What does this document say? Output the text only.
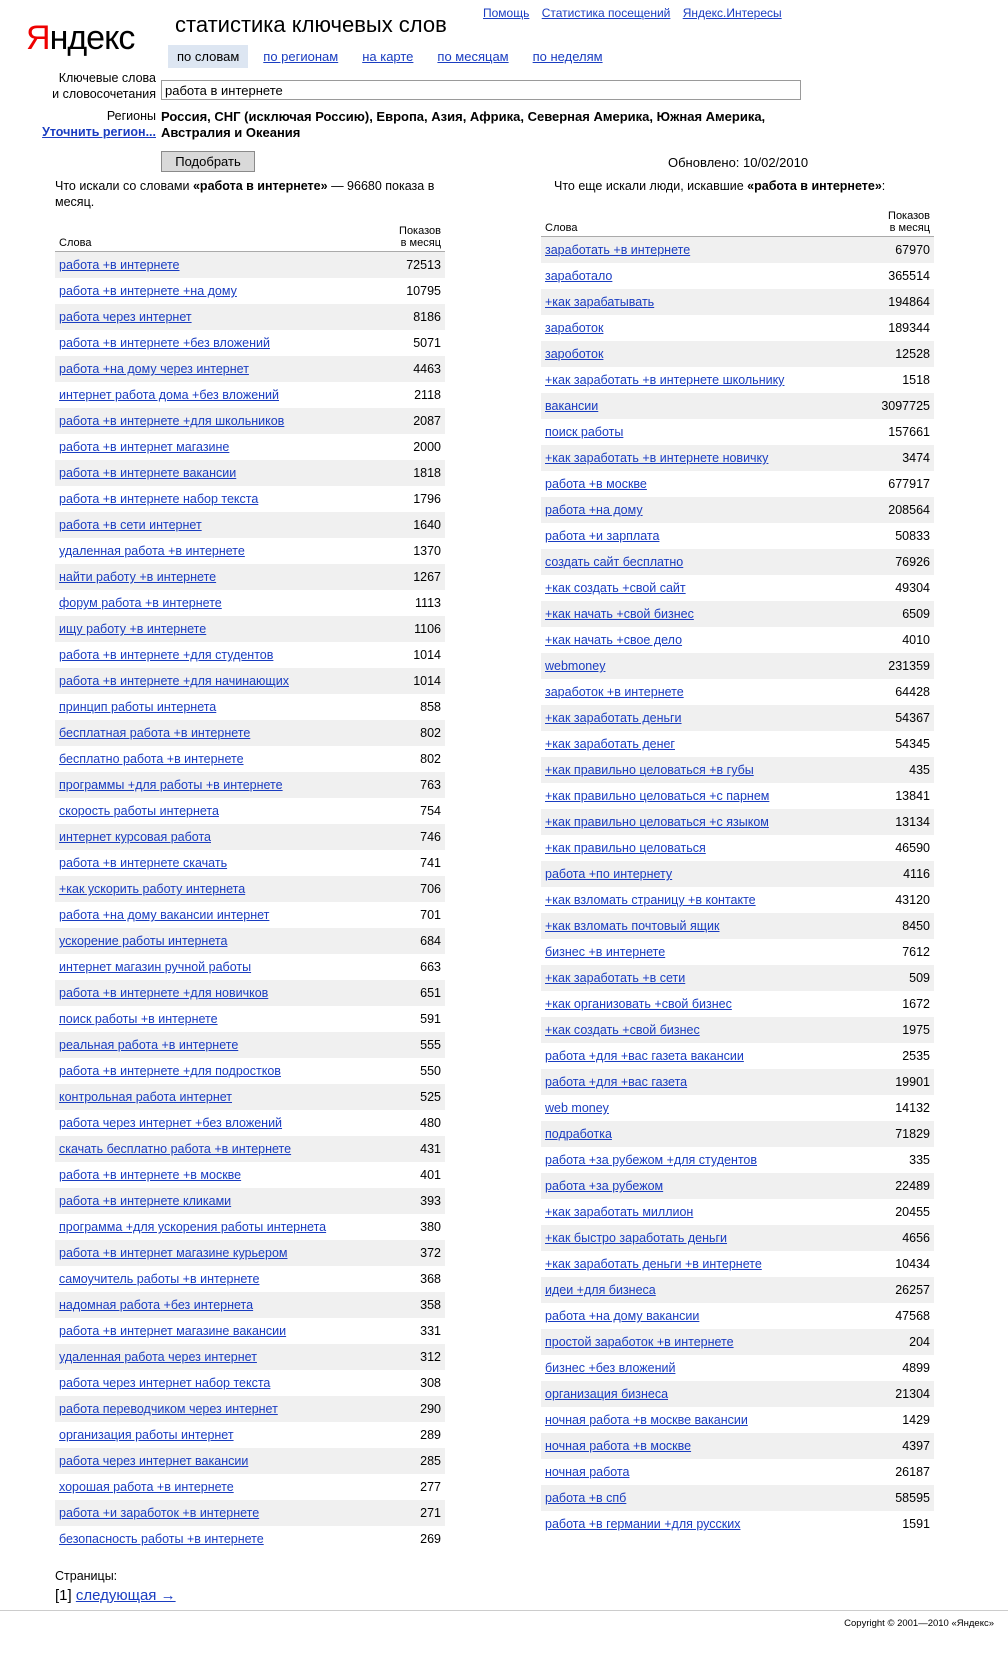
Яндекс статистика ключевых слов	Помощь Статистика посещений Яндекс.Интересы
по словам	по регионам	на карте	по месяцам	по неделям
Ключевые слова
и словосочетания
работа в интернете
Регионы
Уточнить регион...
Россия, СНГ (исключая Россию), Европа, Азия, Африка, Северная Америка, Южная Америка, Австралия и Океания
Подобрать	Обновлено: 10/02/2010
Что искали со словами «работа в интернете» — 96680 показа в месяц.
Что еще искали люди, искавшие «работа в интернете»:
Слова
Показов
в месяц
работа +в интернете	72513
работа +в интернете +на дому	10795
работа через интернет	8186
работа +в интернете +без вложений	5071
работа +на дому через интернет	4463
интернет работа дома +без вложений	2118
работа +в интернете +для школьников	2087
работа +в интернет магазине	2000
работа +в интернете вакансии	1818
работа +в интернете набор текста	1796
работа +в сети интернет	1640
удаленная работа +в интернете	1370
найти работу +в интернете	1267
форум работа +в интернете	1113
ищу работу +в интернете	1106
работа +в интернете +для студентов	1014
работа +в интернете +для начинающих	1014
принцип работы интернета	858
бесплатная работа +в интернете	802
бесплатно работа +в интернете	802
программы +для работы +в интернете	763
скорость работы интернета	754
интернет курсовая работа	746
работа +в интернете скачать	741
+как ускорить работу интернета	706
работа +на дому вакансии интернет	701
ускорение работы интернета	684
интернет магазин ручной работы	663
работа +в интернете +для новичков	651
поиск работы +в интернете	591
реальная работа +в интернете	555
работа +в интернете +для подростков	550
контрольная работа интернет	525
работа через интернет +без вложений	480
скачать бесплатно работа +в интернете	431
работа +в интернете +в москве	401
работа +в интернете кликами	393
программа +для ускорения работы интернета	380
работа +в интернет магазине курьером	372
самоучитель работы +в интернете	368
надомная работа +без интернета	358
работа +в интернет магазине вакансии	331
удаленная работа через интернет	312
работа через интернет набор текста	308
работа переводчиком через интернет	290
организация работы интернет	289
работа через интернет вакансии	285
хорошая работа +в интернете	277
работа +и заработок +в интернете	271
безопасность работы +в интернете	269
Слова
Показов
в месяц
заработать +в интернете	67970
заработало	365514
+как зарабатывать	194864
заработок	189344
зароботок	12528
+как заработать +в интернете школьнику	1518
вакансии	3097725
поиск работы	157661
+как заработать +в интернете новичку	3474
работа +в москве	677917
работа +на дому	208564
работа +и зарплата	50833
создать сайт бесплатно	76926
+как создать +свой сайт	49304
+как начать +свой бизнес	6509
+как начать +свое дело	4010
webmoney	231359
заработок +в интернете	64428
+как заработать деньги	54367
+как заработать денег	54345
+как правильно целоваться +в губы	435
+как правильно целоваться +с парнем	13841
+как правильно целоваться +с языком	13134
+как правильно целоваться	46590
работа +по интернету	4116
+как взломать страницу +в контакте	43120
+как взломать почтовый ящик	8450
бизнес +в интернете	7612
+как заработать +в сети	509
+как организовать +свой бизнес	1672
+как создать +свой бизнес	1975
работа +для +вас газета вакансии	2535
работа +для +вас газета	19901
web money	14132
подработка	71829
работа +за рубежом +для студентов	335
работа +за рубежом	22489
+как заработать миллион	20455
+как быстро заработать деньги	4656
+как заработать деньги +в интернете	10434
идеи +для бизнеса	26257
работа +на дому вакансии	47568
простой заработок +в интернете	204
бизнес +без вложений	4899
организация бизнеса	21304
ночная работа +в москве вакансии	1429
ночная работа +в москве	4397
ночная работа	26187
работа +в спб	58595
работа +в германии +для русских	1591
Страницы:
[1] следующая →
Copyright © 2001—2010 «Яндекс»
